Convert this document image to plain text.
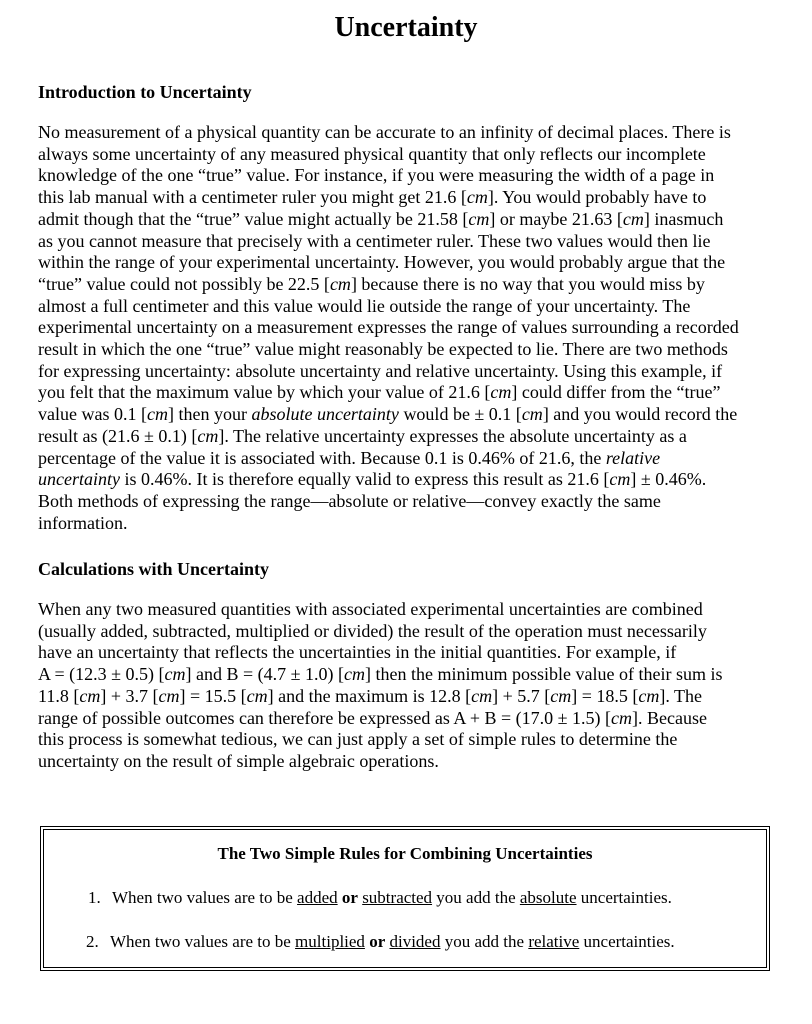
Uncertainty
Introduction to Uncertainty

No measurement of a physical quantity can be accurate to an infinity of decimal places. There is
always some uncertainty of any measured physical quantity that only reflects our incomplete
knowledge of the one “true” value. For instance, if you were measuring the width of a page in
this lab manual with a centimeter ruler you might get 21.6 [cm]. You would probably have to
admit though that the “true” value might actually be 21.58 [cm] or maybe 21.63 [cm] inasmuch
as you cannot measure that precisely with a centimeter ruler. These two values would then lie
within the range of your experimental uncertainty. However, you would probably argue that the
“true” value could not possibly be 22.5 [cm] because there is no way that you would miss by
almost a full centimeter and this value would lie outside the range of your uncertainty. The
experimental uncertainty on a measurement expresses the range of values surrounding a recorded
result in which the one “true” value might reasonably be expected to lie. There are two methods
for expressing uncertainty: absolute uncertainty and relative uncertainty. Using this example, if
you felt that the maximum value by which your value of 21.6 [cm] could differ from the “true”
value was 0.1 [cm] then your absolute uncertainty would be ± 0.1 [cm] and you would record the
result as (21.6 ± 0.1) [cm]. The relative uncertainty expresses the absolute uncertainty as a
percentage of the value it is associated with. Because 0.1 is 0.46% of 21.6, the relative
uncertainty is 0.46%. It is therefore equally valid to express this result as 21.6 [cm] ± 0.46%.
Both methods of expressing the range—absolute or relative—convey exactly the same
information.

Calculations with Uncertainty

When any two measured quantities with associated experimental uncertainties are combined
(usually added, subtracted, multiplied or divided) the result of the operation must necessarily
have an uncertainty that reflects the uncertainties in the initial quantities. For example, if
A = (12.3 ± 0.5) [cm] and B = (4.7 ± 1.0) [cm] then the minimum possible value of their sum is
11.8 [cm] + 3.7 [cm] = 15.5 [cm] and the maximum is 12.8 [cm] + 5.7 [cm] = 18.5 [cm]. The
range of possible outcomes can therefore be expressed as A + B = (17.0 ± 1.5) [cm]. Because
this process is somewhat tedious, we can just apply a set of simple rules to determine the
uncertainty on the result of simple algebraic operations.

The Two Simple Rules for Combining Uncertainties
1. When two values are to be added or subtracted you add the absolute uncertainties.
2. When two values are to be multiplied or divided you add the relative uncertainties.
